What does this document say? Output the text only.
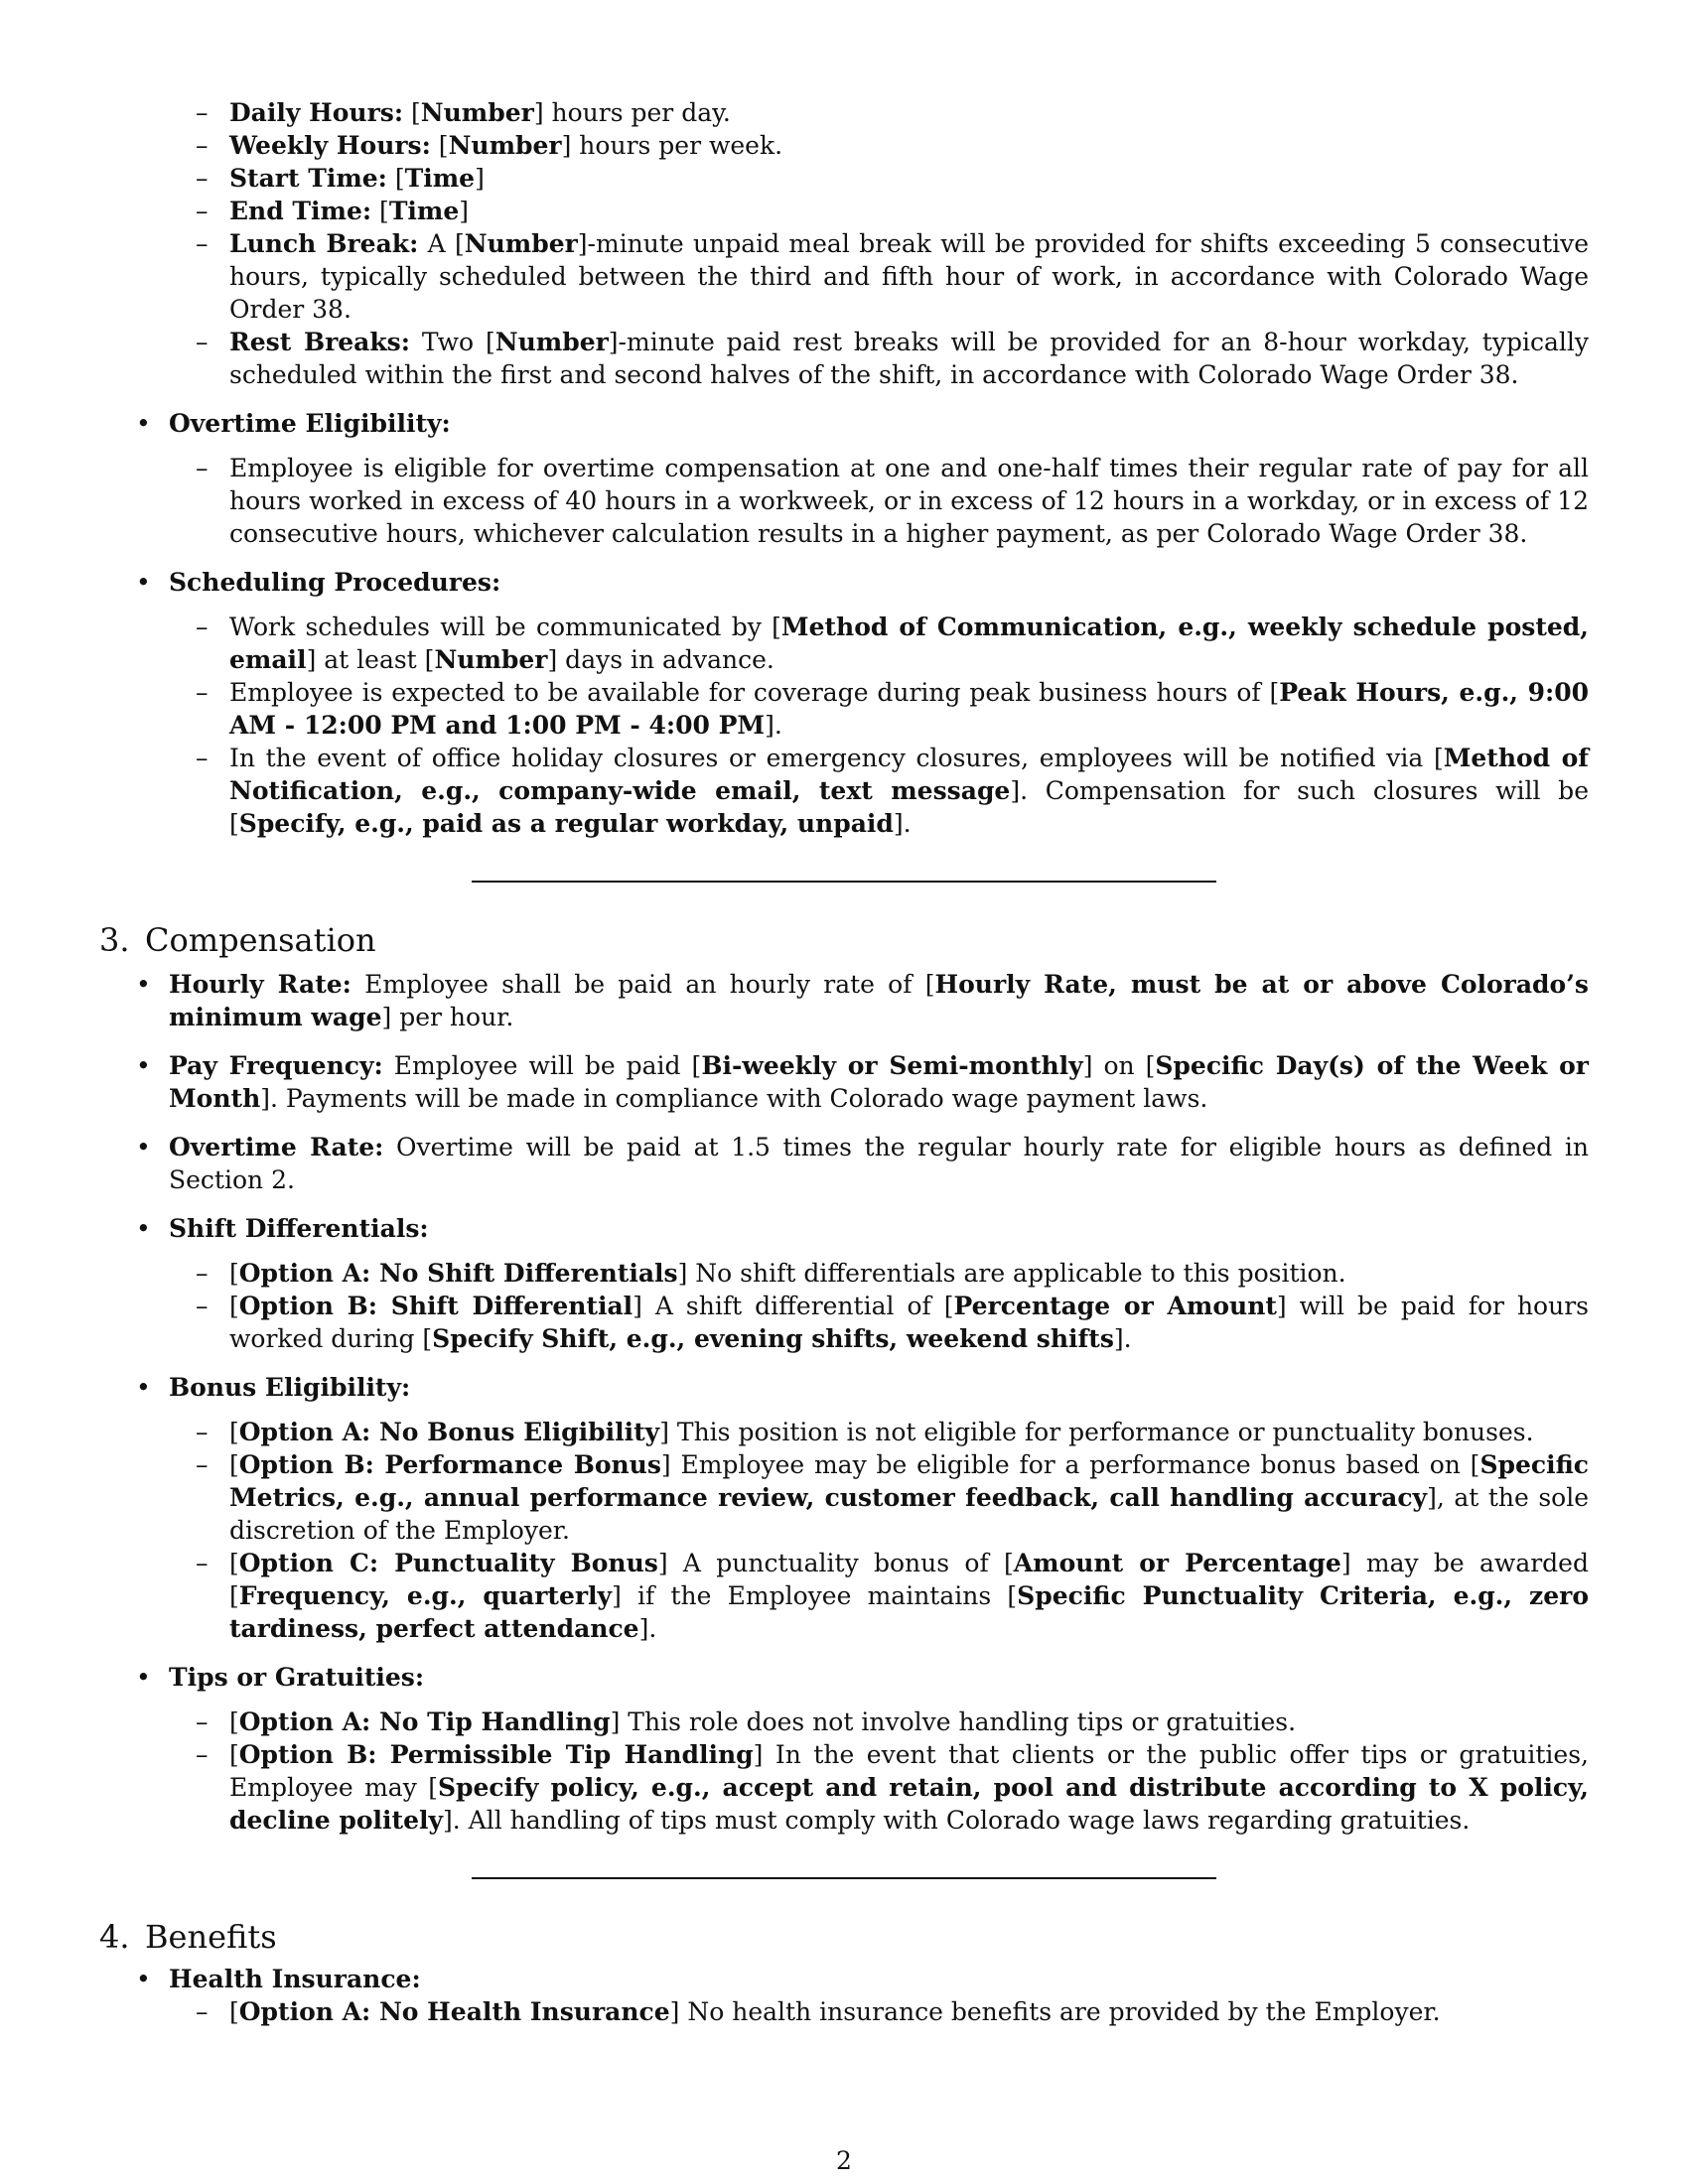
– Daily Hours: [Number] hours per day.
– Weekly Hours: [Number] hours per week.
– Start Time: [Time]
– End Time: [Time]
– Lunch Break: A [Number]-minute unpaid meal break will be provided for shifts exceeding 5 consecutive hours, typically scheduled between the third and fifth hour of work, in accordance with Colorado Wage Order 38.
– Rest Breaks: Two [Number]-minute paid rest breaks will be provided for an 8-hour workday, typically scheduled within the first and second halves of the shift, in accordance with Colorado Wage Order 38.

• Overtime Eligibility:

– Employee is eligible for overtime compensation at one and one-half times their regular rate of pay for all hours worked in excess of 40 hours in a workweek, or in excess of 12 hours in a workday, or in excess of 12 consecutive hours, whichever calculation results in a higher payment, as per Colorado Wage Order 38.

• Scheduling Procedures:

– Work schedules will be communicated by [Method of Communication, e.g., weekly schedule posted, email] at least [Number] days in advance.
– Employee is expected to be available for coverage during peak business hours of [Peak Hours, e.g., 9:00 AM - 12:00 PM and 1:00 PM - 4:00 PM].
– In the event of office holiday closures or emergency closures, employees will be notified via [Method of Notification, e.g., company-wide email, text message]. Compensation for such closures will be [Specify, e.g., paid as a regular workday, unpaid].
3. Compensation

• Hourly Rate: Employee shall be paid an hourly rate of [Hourly Rate, must be at or above Colorado’s minimum wage] per hour.

• Pay Frequency: Employee will be paid [Bi-weekly or Semi-monthly] on [Specific Day(s) of the Week or Month]. Payments will be made in compliance with Colorado wage payment laws.

• Overtime Rate: Overtime will be paid at 1.5 times the regular hourly rate for eligible hours as defined in Section 2.

• Shift Differentials:

– [Option A: No Shift Differentials] No shift differentials are applicable to this position.
– [Option B: Shift Differential] A shift differential of [Percentage or Amount] will be paid for hours worked during [Specify Shift, e.g., evening shifts, weekend shifts].

• Bonus Eligibility:

– [Option A: No Bonus Eligibility] This position is not eligible for performance or punctuality bonuses.
– [Option B: Performance Bonus] Employee may be eligible for a performance bonus based on [Specific Metrics, e.g., annual performance review, customer feedback, call handling accuracy], at the sole discretion of the Employer.
– [Option C: Punctuality Bonus] A punctuality bonus of [Amount or Percentage] may be awarded [Frequency, e.g., quarterly] if the Employee maintains [Specific Punctuality Criteria, e.g., zero tardiness, perfect attendance].

• Tips or Gratuities:

– [Option A: No Tip Handling] This role does not involve handling tips or gratuities.
– [Option B: Permissible Tip Handling] In the event that clients or the public offer tips or gratuities, Employee may [Specify policy, e.g., accept and retain, pool and distribute according to X policy, decline politely]. All handling of tips must comply with Colorado wage laws regarding gratuities.
4. Benefits

• Health Insurance:

– [Option A: No Health Insurance] No health insurance benefits are provided by the Employer.
2
